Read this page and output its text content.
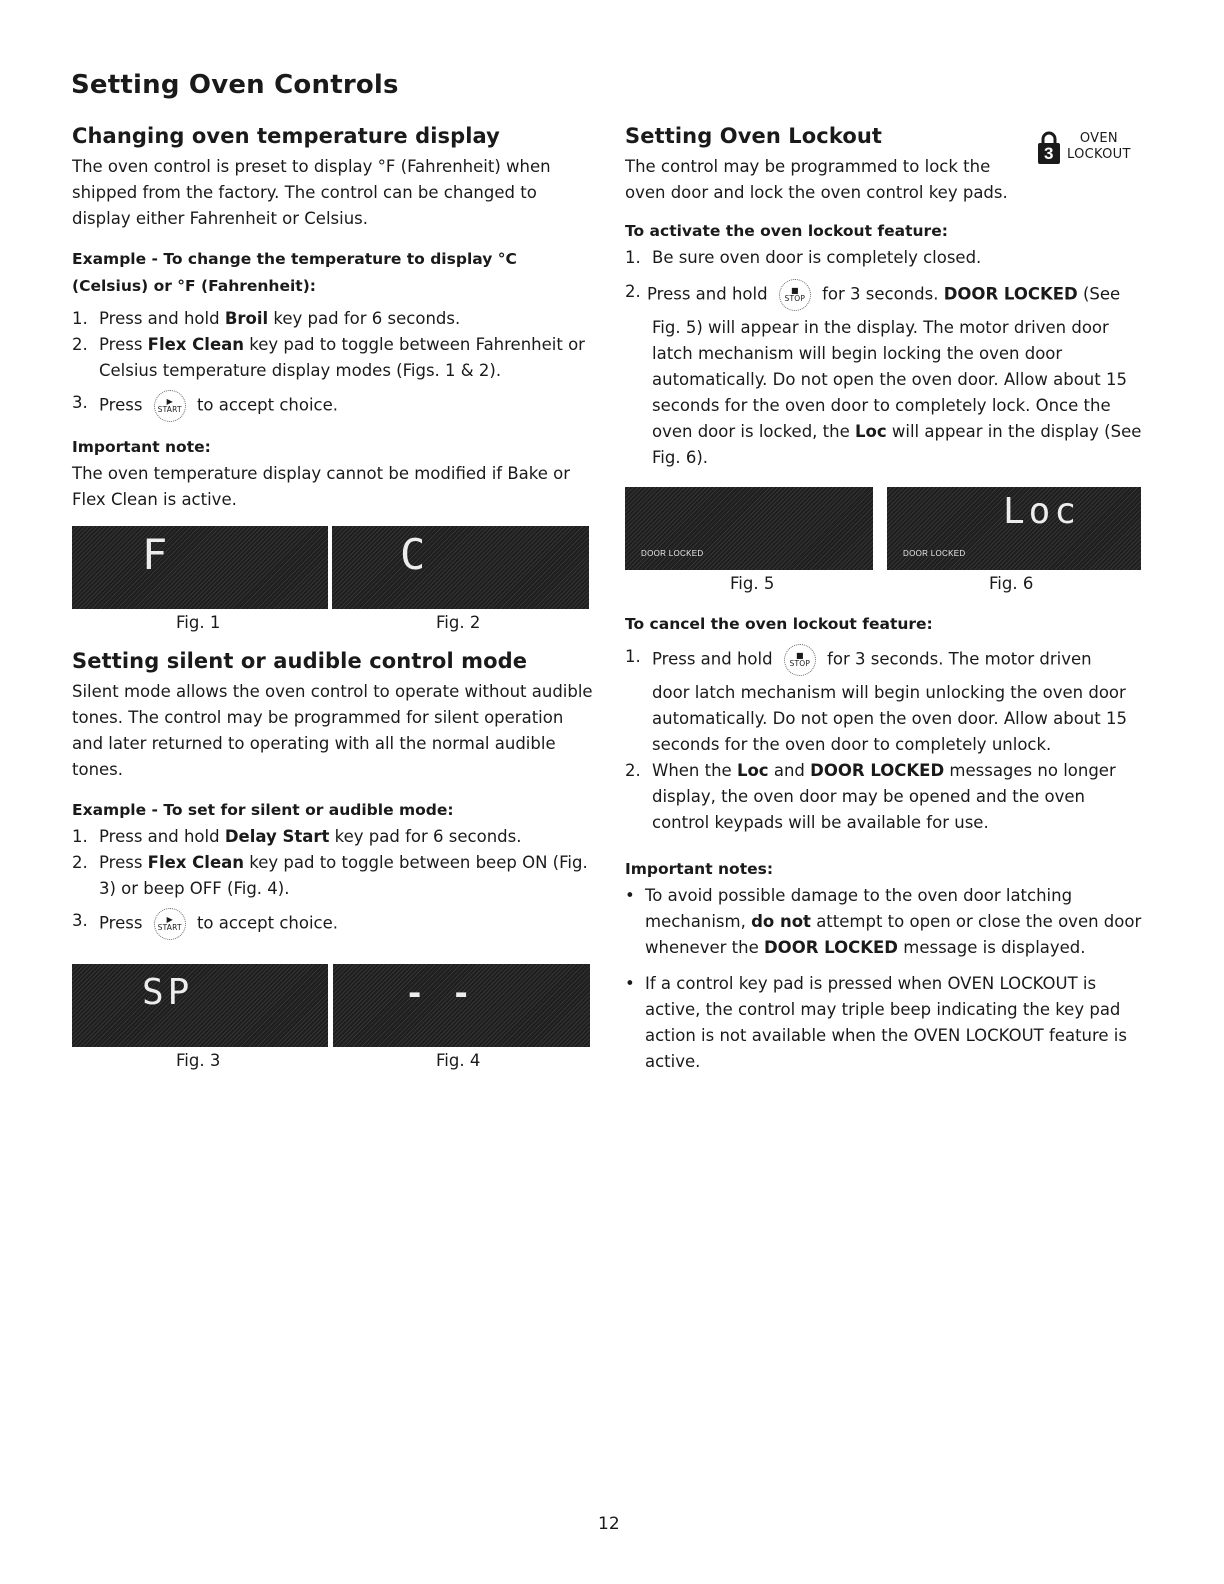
Setting Oven Controls
Changing oven temperature display

The oven control is preset to display °F (Fahrenheit) when shipped from the factory. The control can be changed to display either Fahrenheit or Celsius.

Example - To change the temperature to display °C (Celsius) or °F (Fahrenheit):

1. Press and hold Broil key pad for 6 seconds.
2. Press Flex Clean key pad to toggle between Fahrenheit or Celsius temperature display modes (Figs. 1 & 2).
3. Press	▶
START to accept choice.

Important note:

The oven temperature display cannot be modified if Bake or Flex Clean is active.

F	C
Fig. 1	Fig. 2
Setting silent or audible control mode

Silent mode allows the oven control to operate without audible tones. The control may be programmed for silent operation and later returned to operating with all the normal audible tones.

Example - To set for silent or audible mode:

1. Press and hold Delay Start key pad for 6 seconds.
2. Press Flex Clean key pad to toggle between beep ON (Fig. 3) or beep OFF (Fig. 4).
3. Press	▶
START to accept choice.
SP	- -
Fig. 3	Fig. 4
3
OVEN
LOCKOUT
Setting Oven Lockout

The control may be programmed to lock the oven door and lock the oven control key pads.

To activate the oven lockout feature:

1. Be sure oven door is completely closed.
2. Press and hold	■
STOP for 3 seconds. DOOR LOCKED (See

Fig. 5) will appear in the display. The motor driven door latch mechanism will begin locking the oven door automatically. Do not open the oven door. Allow about 15 seconds for the oven door to completely lock. Once the oven door is locked, the Loc will appear in the display (See Fig. 6).

DOOR LOCKED
Loc
DOOR LOCKED
Fig. 5	Fig. 6

To cancel the oven lockout feature:

1. Press and hold	■
STOP for 3 seconds. The motor driven

door latch mechanism will begin unlocking the oven door automatically. Do not open the oven door. Allow about 15 seconds for the oven door to completely unlock.

2. When the Loc and DOOR LOCKED messages no longer display, the oven door may be opened and the oven control keypads will be available for use.

Important notes:

• To avoid possible damage to the oven door latching mechanism, do not attempt to open or close the oven door whenever the DOOR LOCKED message is displayed.
• If a control key pad is pressed when OVEN LOCKOUT is active, the control may triple beep indicating the key pad action is not available when the OVEN LOCKOUT feature is active.
12
